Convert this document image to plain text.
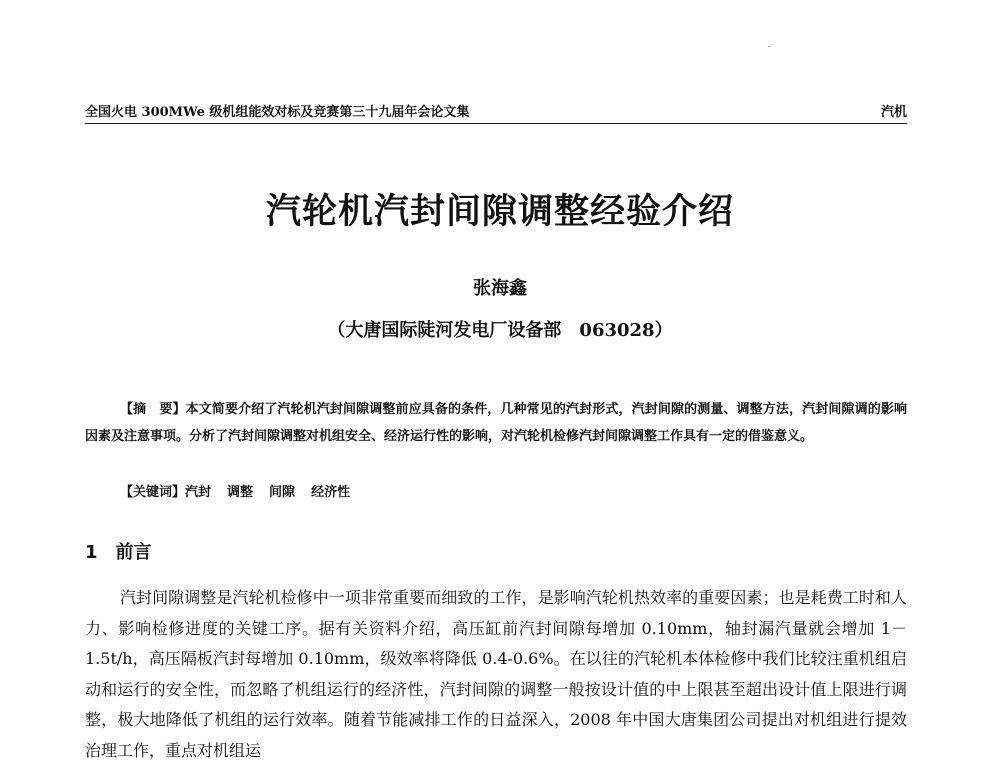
全国火电 300MWe 级机组能效对标及竞赛第三十九届年会论文集	汽机
汽轮机汽封间隙调整经验介绍
张海鑫
（大唐国际陡河发电厂设备部　063028）

【摘　要】本文简要介绍了汽轮机汽封间隙调整前应具备的条件，几种常见的汽封形式，汽封间隙的测量、调整方法，汽封间隙调的影响因素及注意事项。分析了汽封间隙调整对机组安全、经济运行性的影响，对汽轮机检修汽封间隙调整工作具有一定的借鉴意义。

【关键词】汽封 调整 间隙 经济性

1 前言

汽封间隙调整是汽轮机检修中一项非常重要而细致的工作，是影响汽轮机热效率的重要因素；也是耗费工时和人力、影响检修进度的关键工序。据有关资料介绍，高压缸前汽封间隙每增加 0.10mm，轴封漏汽量就会增加 1－1.5t/h，高压隔板汽封每增加 0.10mm，级效率将降低 0.4-0.6%。在以往的汽轮机本体检修中我们比较注重机组启动和运行的安全性，而忽略了机组运行的经济性，汽封间隙的调整一般按设计值的中上限甚至超出设计值上限进行调整，极大地降低了机组的运行效率。随着节能减排工作的日益深入，2008 年中国大唐集团公司提出对机组进行提效治理工作，重点对机组运
